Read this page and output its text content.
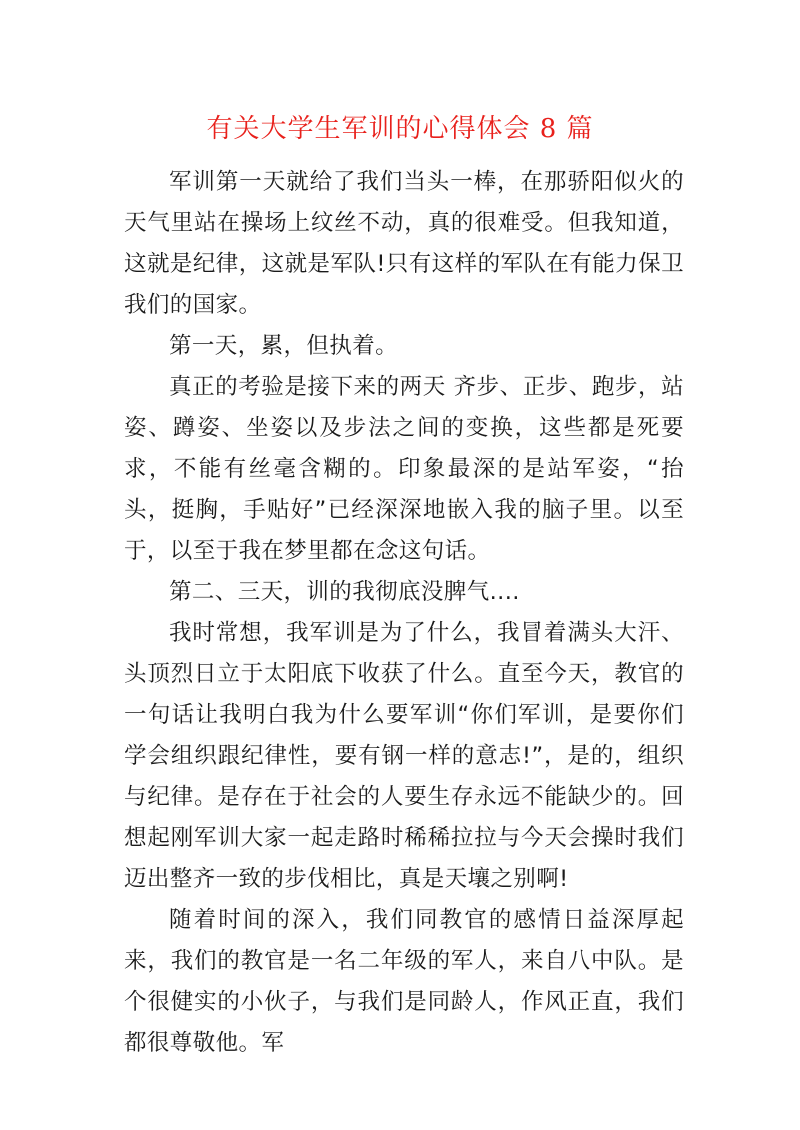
有关大学生军训的心得体会 8 篇

军训第一天就给了我们当头一棒，在那骄阳似火的天气里站在操场上纹丝不动，真的很难受。但我知道，这就是纪律，这就是军队!只有这样的军队在有能力保卫我们的国家。

第一天，累，但执着。

真正的考验是接下来的两天 齐步、正步、跑步，站姿、蹲姿、坐姿以及步法之间的变换，这些都是死要求，不能有丝毫含糊的。印象最深的是站军姿，“抬头，挺胸，手贴好”已经深深地嵌入我的脑子里。以至于，以至于我在梦里都在念这句话。

第二、三天，训的我彻底没脾气....

我时常想，我军训是为了什么，我冒着满头大汗、头顶烈日立于太阳底下收获了什么。直至今天，教官的一句话让我明白我为什么要军训“你们军训，是要你们学会组织跟纪律性，要有钢一样的意志!”，是的，组织与纪律。是存在于社会的人要生存永远不能缺少的。回想起刚军训大家一起走路时稀稀拉拉与今天会操时我们迈出整齐一致的步伐相比，真是天壤之别啊!

随着时间的深入，我们同教官的感情日益深厚起来，我们的教官是一名二年级的军人，来自八中队。是个很健实的小伙子，与我们是同龄人，作风正直，我们都很尊敬他。军
